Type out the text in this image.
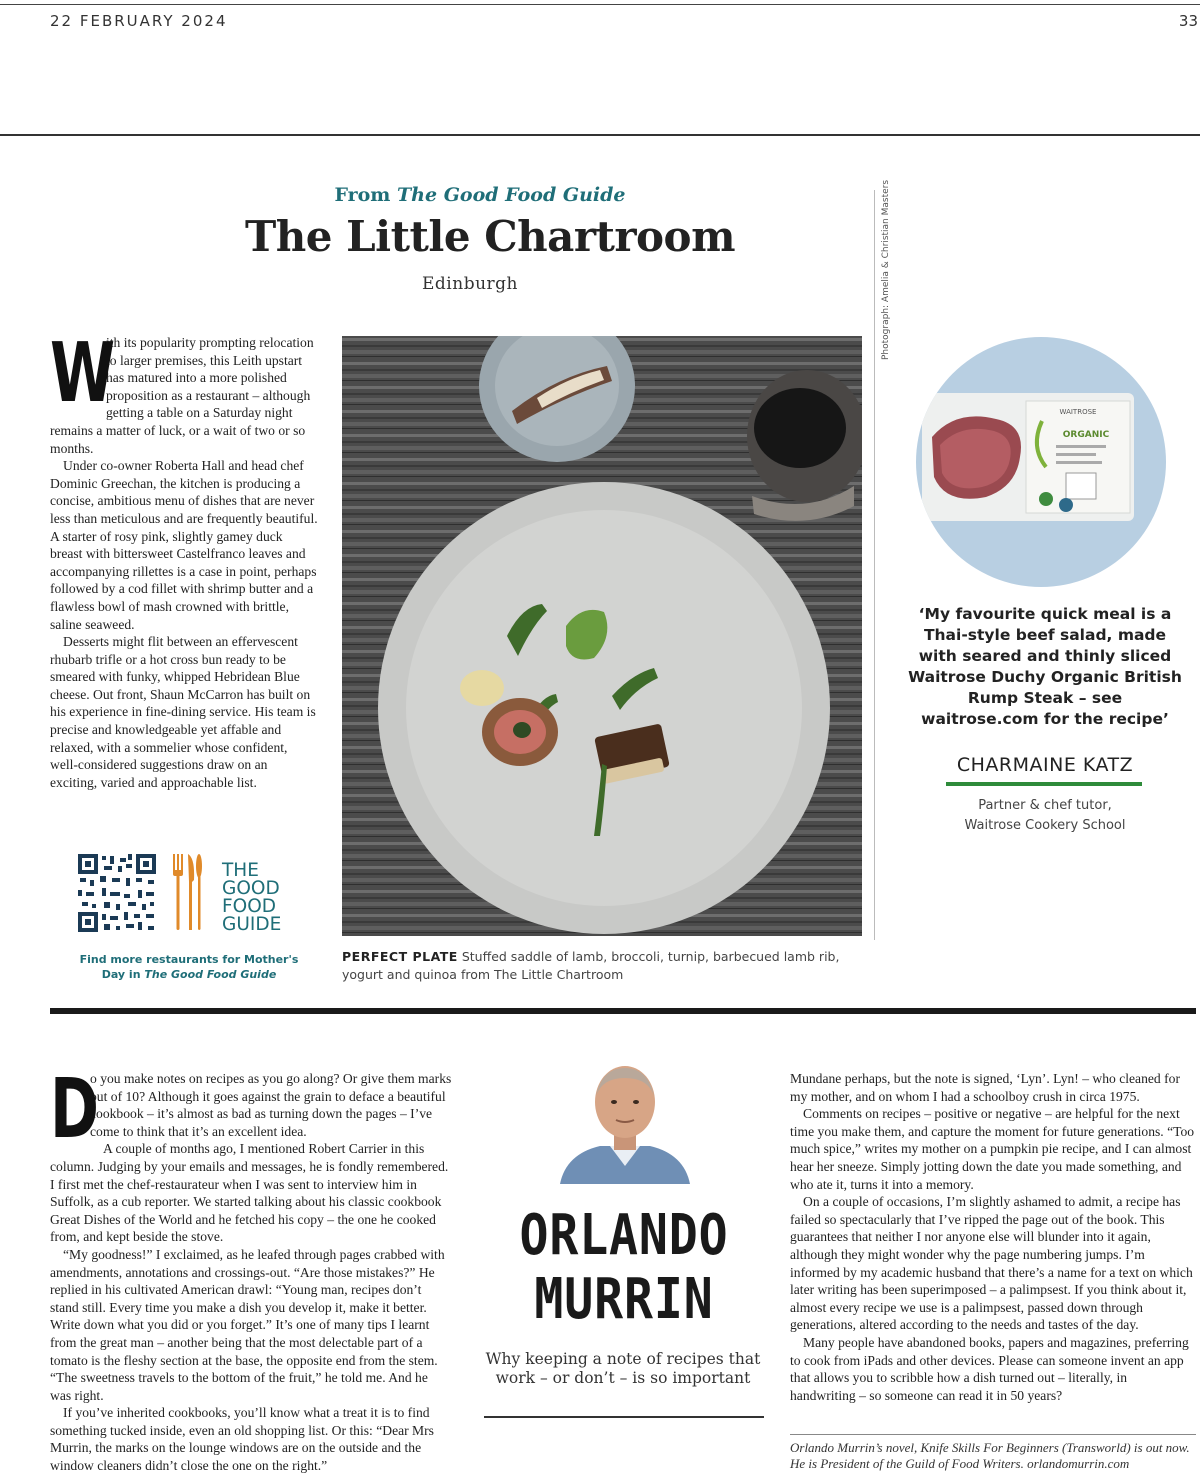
22 FEBRUARY 2024	33
From The Good Food Guide
The Little Chartroom
Edinburgh

W
ith its popularity prompting relocation to larger premises, this Leith upstart has matured into a more polished proposition as a restaurant – although getting a table on a Saturday night remains a matter of luck, or a wait of two or so months.

Under co-owner Roberta Hall and head chef Dominic Greechan, the kitchen is producing a concise, ambitious menu of dishes that are never less than meticulous and are frequently beautiful. A starter of rosy pink, slightly gamey duck breast with bittersweet Castelfranco leaves and accompanying rillettes is a case in point, perhaps followed by a cod fillet with shrimp butter and a flawless bowl of mash crowned with brittle, saline seaweed.

Desserts might flit between an effervescent rhubarb trifle or a hot cross bun ready to be smeared with funky, whipped Hebridean Blue cheese. Out front, Shaun McCarron has built on his experience in fine-dining service. His team is precise and knowledgeable yet affable and relaxed, with a sommelier whose confident, well-considered suggestions draw on an exciting, varied and approachable list.

Photograph: Amelia & Christian Masters
PERFECT PLATE Stuffed saddle of lamb, broccoli, turnip, barbecued lamb rib, yogurt and quinoa from The Little Chartroom
THE
GOOD
FOOD
GUIDE
Find more restaurants for Mother's Day in The Good Food Guide
WAITROSE
ORGANIC
‘My favourite quick meal is a Thai-style beef salad, made with seared and thinly sliced Waitrose Duchy Organic British Rump Steak – see waitrose.com for the recipe’
CHARMAINE KATZ
Partner & chef tutor,
Waitrose Cookery School

D
o you make notes on recipes as you go along? Or give them marks out of 10? Although it goes against the grain to deface a beautiful cookbook – it’s almost as bad as turning down the pages – I’ve come to think that it’s an excellent idea.

A couple of months ago, I mentioned Robert Carrier in this column. Judging by your emails and messages, he is fondly remembered. I first met the chef-restaurateur when I was sent to interview him in Suffolk, as a cub reporter. We started talking about his classic cookbook Great Dishes of the World and he fetched his copy – the one he cooked from, and kept beside the stove.

“My goodness!” I exclaimed, as he leafed through pages crabbed with amendments, annotations and crossings-out. “Are those mistakes?” He replied in his cultivated American drawl: “Young man, recipes don’t stand still. Every time you make a dish you develop it, make it better. Write down what you did or you forget.” It’s one of many tips I learnt from the great man – another being that the most delectable part of a tomato is the fleshy section at the base, the opposite end from the stem. “The sweetness travels to the bottom of the fruit,” he told me. And he was right.

If you’ve inherited cookbooks, you’ll know what a treat it is to find something tucked inside, even an old shopping list. Or this: “Dear Mrs Murrin, the marks on the lounge windows are on the outside and the window cleaners didn’t close the one on the right.”

ORLANDO
MURRIN
Why keeping a note of recipes that work – or don’t – is so important

Mundane perhaps, but the note is signed, ‘Lyn’. Lyn! – who cleaned for my mother, and on whom I had a schoolboy crush in circa 1975.

Comments on recipes – positive or negative – are helpful for the next time you make them, and capture the moment for future generations. “Too much spice,” writes my mother on a pumpkin pie recipe, and I can almost hear her sneeze. Simply jotting down the date you made something, and who ate it, turns it into a memory.

On a couple of occasions, I’m slightly ashamed to admit, a recipe has failed so spectacularly that I’ve ripped the page out of the book. This guarantees that neither I nor anyone else will blunder into it again, although they might wonder why the page numbering jumps. I’m informed by my academic husband that there’s a name for a text on which later writing has been superimposed – a palimpsest. If you think about it, almost every recipe we use is a palimpsest, passed down through generations, altered according to the needs and tastes of the day.

Many people have abandoned books, papers and magazines, preferring to cook from iPads and other devices. Please can someone invent an app that allows you to scribble how a dish turned out – literally, in handwriting – so someone can read it in 50 years?

Orlando Murrin’s novel, Knife Skills For Beginners (Transworld) is out now. He is President of the Guild of Food Writers. orlandomurrin.com
